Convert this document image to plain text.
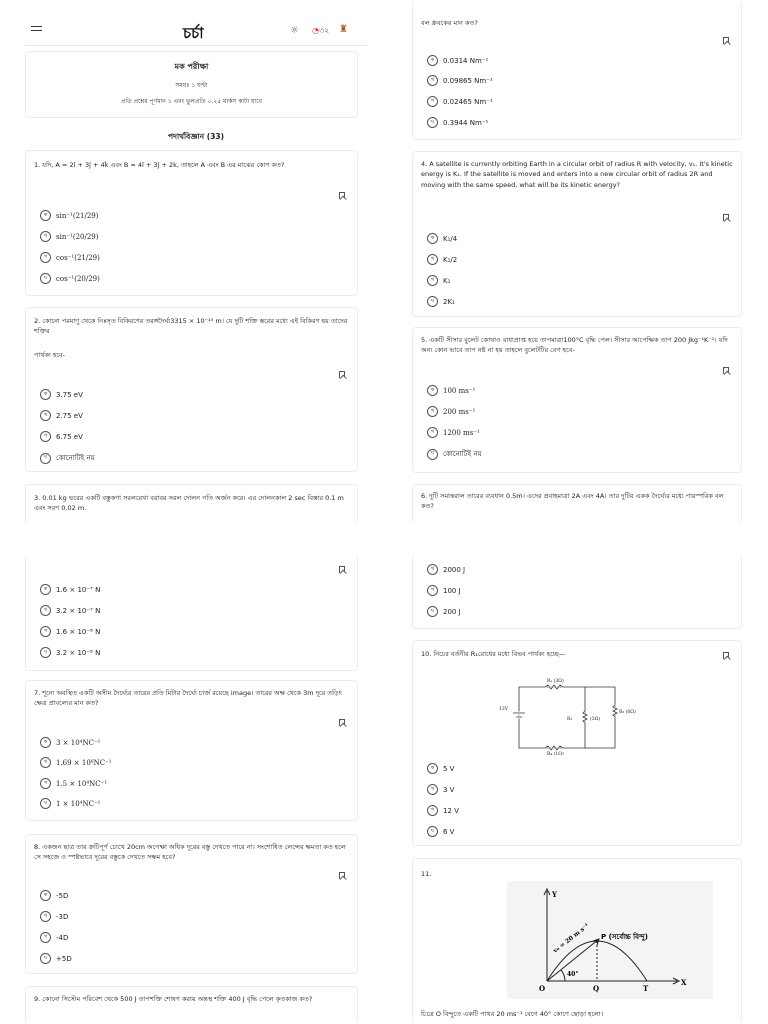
চর্চা	☼ ◔৩২ ♜
মক পরীক্ষা

সময়ঃ ১ ঘণ্টা

প্রতি প্রশ্নের পূর্ণমান ১ এবং ভুলপ্রতি ০.২৫ মার্কস কাটা যাবে

পদার্থবিজ্ঞান (33)
1. যদি, A = 2î + 3ĵ + 4k̂ এবং B = 4î + 3ĵ + 2k, তাহলে A এবং B এর মাঝের কোণ কত?
ক	sin⁻¹(21/29)
খ	sin⁻¹(20/29)
গ	cos⁻¹(21/29)
ঘ	cos⁻¹(20/29)
2. কোনো পরমাণু থেকে নিঃসৃত বিকিরণের তরঙ্গদৈর্ঘ্য3315 × 10⁻¹⁰ m। যে দুটি শক্তি স্তরের মধ্যে এই বিকিরণ হয় তাদের শক্তির
পার্থক্য হবে-
ক	3.75 eV
খ	2.75 eV
গ	6.75 eV
ঘ	কোনোটিই নয়
3. 0.01 kg ভরের একটি বস্তুকণা সরলরেখা বরাবর সরল দোলন গতি অর্জন করে। এর দোলনকাল 2 sec বিস্তার 0.1 m এবং সরণ 0.02 m.
ক	1.6 × 10⁻⁷ N
খ	3.2 × 10⁻⁷ N
গ	1.6 × 10⁻⁸ N
ঘ	3.2 × 10⁻⁸ N
7. শূন্যে অবস্থিত একটি অসীম দৈর্ঘ্যের তারের প্রতি মিটার দৈর্ঘ্যে চার্জ রয়েছে image। তারের অক্ষ থেকে 3m দূরে তড়িৎ ক্ষেত্র প্রাবল্যের মান কত?
ক	3 × 10⁴NC⁻¹
খ	1.69 × 10⁶NC⁻¹
গ	1.5 × 10⁴NC⁻¹
ঘ	1 × 10⁴NC⁻¹
8. একজন ছাত্র তার ক্রটিপূর্ণ চোখে 20cm অপেক্ষা অধিক দূরের বস্তু দেখতে পারে না। সংশোধিত লেন্সের ক্ষমতা কত হলে সে সহজে ও স্পষ্টভাবে দূরের বস্তুকে দেখতে সক্ষম হবে?
ক	-5D
খ	-3D
গ	-4D
ঘ	+5D
9. কোনো সিস্টেম পরিবেশ থেকে 500 J তাপশক্তি শোষণ করায় অন্তস্থ শক্তি 400 J বৃদ্ধি পেলে কৃতকাজ কত?
বল ধ্রুবকের মান কত?
ক	0.0314 Nm⁻¹
খ	0.09865 Nm⁻¹
গ	0.02465 Nm⁻¹
ঘ	0.3944 Nm⁻¹
4. A satellite is currently orbiting Earth in a circular orbit of radius R with velocity, v₁. It's kinetic energy is K₁. If the satellite is moved and enters into a new circular orbit of radius 2R and moving with the same speed, what will be its kinetic energy?
ক	K₁/4
খ	K₁/2
গ	K₁
ঘ	2K₁
5. একটি সীসার বুলেট কোথাও বাধাপ্রাপ্ত হয়ে তাপমাত্রা100°C বৃদ্ধি পেল। সীসার আপেক্ষিক তাপ 200 Jkg⁻¹K⁻¹। যদি অন্য কোন ভাবে তাপ নষ্ট না হয় তাহলে বুলেটটির বেগ হবে-
ক	100 ms⁻¹
খ	200 ms⁻¹
গ	1200 ms⁻¹
ঘ	কোনোটিই নয়
6. দুটি সমান্তরাল তারের ব্যবধান 0.5m। এদের প্রবাহমাত্রা 2A এবং 4A। তার দুটির একক দৈর্ঘ্যের মধ্যে পারস্পরিক বল কত?
খ	2000 J
গ	100 J
ঘ	200 J
10. নিচের বর্তনীর R₁রোধের মধ্যে বিভব পার্থক্য হচ্ছে—
R₁ (3Ω)
R₂	(3Ω)
R₃ (6Ω)
R₄ (1Ω)
12V
ক	5 V
খ	3 V
গ	12 V
ঘ	6 V
11.
Y
X
O	Q	T
P (সর্বোচ্চ বিন্দু)
v₀ = 20 m s⁻¹
40°
চিত্রে O বিন্দুতে একটি পাথর 20 ms⁻¹ বেগে 40° কোণে ছোড়া হলো।
